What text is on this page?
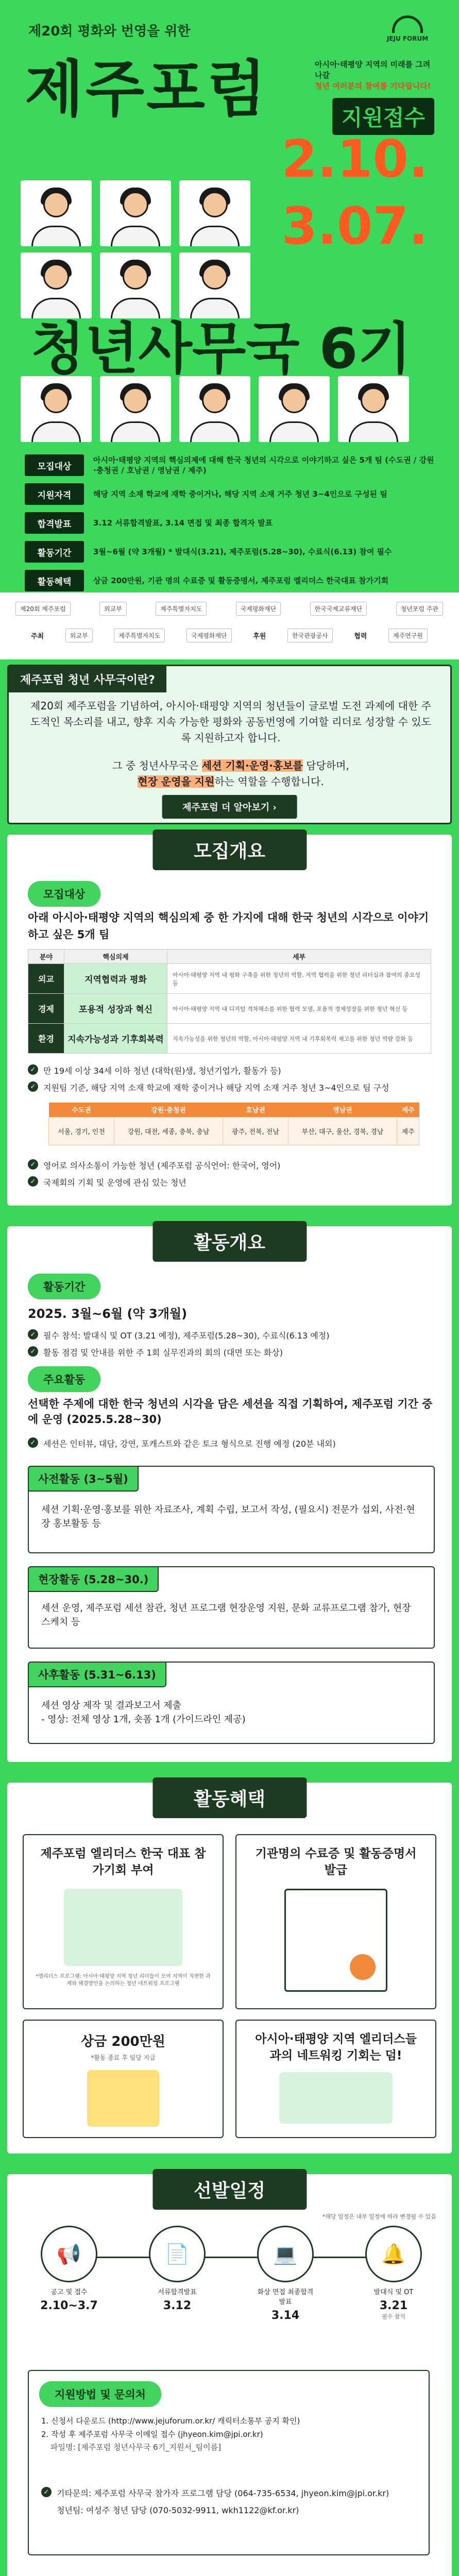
제20회 평화와 번영을 위한	JEJU FORUM
제주포럼	아시아·태평양 지역의 미래를 그려 나갈
청년 여러분의 참여를 기다립니다!
지원접수
2.10.
3.07.
청년사무국 6기
모집대상
아시아·태평양 지역의 핵심의제에 대해 한국 청년의 시각으로 이야기하고 싶은 5개 팀 (수도권 / 강원·충청권 / 호남권 / 영남권 / 제주)
지원자격	해당 지역 소재 학교에 재학 중이거나, 해당 지역 소재 거주 청년 3~4인으로 구성된 팀
합격발표	3.12 서류합격발표, 3.14 면접 및 최종 합격자 발표
활동기간	3월~6월 (약 3개월) * 발대식(3.21), 제주포럼(5.28~30), 수료식(6.13) 참여 필수
활동혜택	상금 200만원, 기관 명의 수료증 및 활동증명서, 제주포럼 엘리더스 한국대표 참가기회
제20회 제주포럼	외교부	제주특별자치도	국제평화재단	한국국제교류재단	청년포럼 주관
주최	외교부	제주특별자치도	국제평화재단	후원	한국관광공사	협력	제주연구원
제주포럼 청년 사무국이란?
제20회 제주포럼을 기념하여, 아시아·태평양 지역의 청년들이 글로벌 도전 과제에 대한 주도적인 목소리를 내고, 향후 지속 가능한 평화와 공동번영에 기여할 리더로 성장할 수 있도록 지원하고자 합니다.
그 중 청년사무국은 세션 기획·운영·홍보를 담당하며,
현장 운영을 지원하는 역할을 수행합니다.
제주포럼 더 알아보기 ›
모집개요
모집대상
아래 아시아·태평양 지역의 핵심의제 중 한 가지에 대해 한국 청년의 시각으로 이야기하고 싶은 5개 팀
분야	핵심의제	세부
외교	지역협력과 평화	아시아·태평양 지역 내 평화 구축을 위한 청년의 역할, 지역 협력을 위한 청년 리더십과 참여의 중요성 등
경제	포용적 성장과 혁신	아시아·태평양 지역 내 디지털 격차해소를 위한 협력 모델, 포용적 경제성장을 위한 청년 혁신 등
환경	지속가능성과 기후회복력	지속가능성을 위한 청년의 역할, 아시아·태평양 지역 내 기후회복력 제고를 위한 청년 역량 강화 등
✓ 만 19세 이상 34세 이하 청년 (대학(원)생, 청년기업가, 활동가 등)
✓ 지원팀 기준, 해당 지역 소재 학교에 재학 중이거나 해당 지역 소재 거주 청년 3~4인으로 팀 구성
수도권	강원·충청권	호남권	영남권	제주
서울, 경기, 인천	강원, 대전, 세종, 충북, 충남	광주, 전북, 전남	부산, 대구, 울산, 경북, 경남	제주
✓ 영어로 의사소통이 가능한 청년 (제주포럼 공식언어: 한국어, 영어)
✓ 국제회의 기획 및 운영에 관심 있는 청년
활동개요
활동기간
2025. 3월~6월 (약 3개월)
✓ 필수 참석: 발대식 및 OT (3.21 예정), 제주포럼(5.28~30), 수료식(6.13 예정)
✓ 활동 점검 및 안내를 위한 주 1회 실무진과의 회의 (대면 또는 화상)
주요활동
선택한 주제에 대한 한국 청년의 시각을 담은 세션을 직접 기획하여, 제주포럼 기간 중에 운영 (2025.5.28~30)
✓ 세션은 인터뷰, 대담, 강연, 포캐스트와 같은 토크 형식으로 진행 예정 (20분 내외)
사전활동 (3~5월)
세션 기획·운영·홍보를 위한 자료조사, 계획 수립, 보고서 작성, (필요시) 전문가 섭외, 사전·현장 홍보활동 등
현장활동 (5.28~30.)
세션 운영, 제주포럼 세션 참관, 청년 프로그램 현장운영 지원, 문화 교류프로그램 참가, 현장 스케치 등
사후활동 (5.31~6.13)
세션 영상 제작 및 결과보고서 제출
- 영상: 전체 영상 1개, 숏폼 1개 (가이드라인 제공)
활동혜택
제주포럼 엘리더스 한국 대표 참가기회 부여
*엘리더스 프로그램: 아시아·태평양 지역 청년 리더들이 모여 지역이 직면한 과제와 해결방안을 논의하는 청년 네트워킹 프로그램
기관명의 수료증 및 활동증명서 발급
상금 200만원
*활동 종료 후 팀당 지급
아시아·태평양 지역 엘리더스들과의 네트워킹 기회는 덤!
선발일정
*해당 일정은 내부 일정에 따라 변경될 수 있음
📢
공고 및 접수
2.10~3.7
📄
서류합격발표
3.12
💻
화상 면접 최종합격발표
3.14
🔔
발대식 및 OT
3.21
필수 참석
지원방법 및 문의처
1. 신청서 다운로드 (http://www.jejuforum.or.kr/ 캐릭터소통부 공지 확인)
2. 작성 후 제주포럼 사무국 이메일 접수 (jhyeon.kim@jpi.or.kr)
파일명: [제주포럼 청년사무국 6기_지원서_팀이름]
✓ 기타문의: 제주포럼 사무국 참가자 프로그램 담당 (064-735-6534, jhyeon.kim@jpi.or.kr)
청년팀: 여성주 청년 담당 (070-5032-9911, wkh1122@kf.or.kr)
